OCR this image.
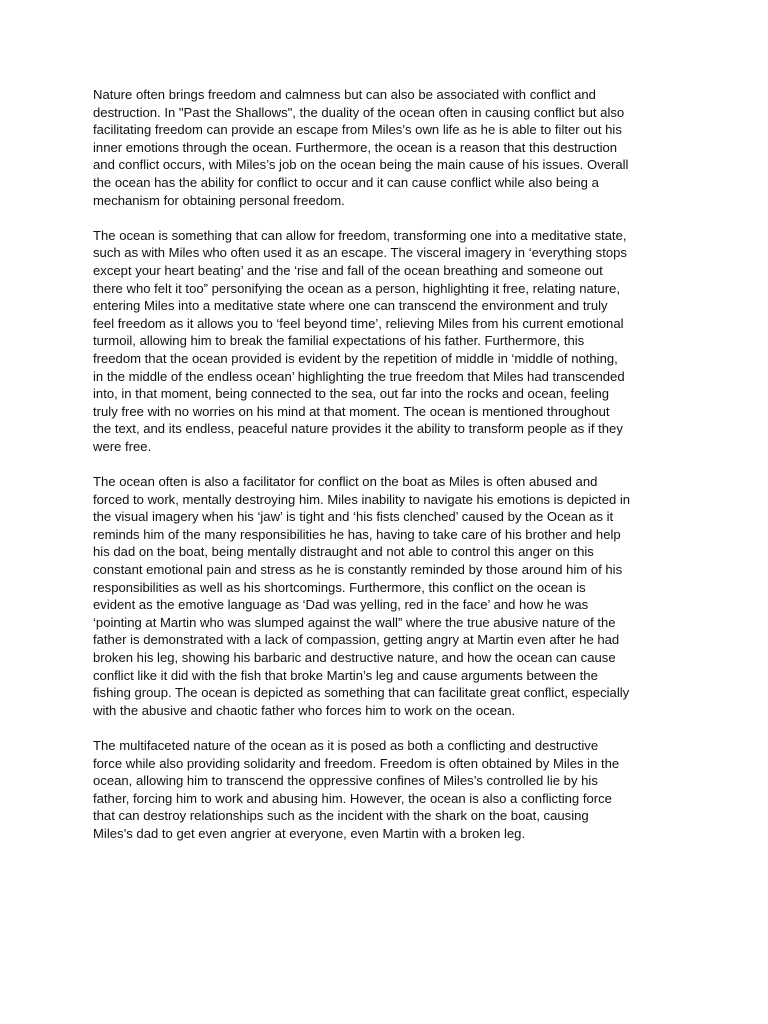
Nature often brings freedom and calmness but can also be associated with conflict and
destruction. In "Past the Shallows", the duality of the ocean often in causing conflict but also
facilitating freedom can provide an escape from Miles’s own life as he is able to filter out his
inner emotions through the ocean. Furthermore, the ocean is a reason that this destruction
and conflict occurs, with Miles’s job on the ocean being the main cause of his issues. Overall
the ocean has the ability for conflict to occur and it can cause conflict while also being a
mechanism for obtaining personal freedom.

The ocean is something that can allow for freedom, transforming one into a meditative state,
such as with Miles who often used it as an escape. The visceral imagery in ‘everything stops
except your heart beating’ and the ‘rise and fall of the ocean breathing and someone out
there who felt it too” personifying the ocean as a person, highlighting it free, relating nature,
entering Miles into a meditative state where one can transcend the environment and truly
feel freedom as it allows you to ‘feel beyond time’, relieving Miles from his current emotional
turmoil, allowing him to break the familial expectations of his father. Furthermore, this
freedom that the ocean provided is evident by the repetition of middle in ‘middle of nothing,
in the middle of the endless ocean’ highlighting the true freedom that Miles had transcended
into, in that moment, being connected to the sea, out far into the rocks and ocean, feeling
truly free with no worries on his mind at that moment. The ocean is mentioned throughout
the text, and its endless, peaceful nature provides it the ability to transform people as if they
were free.

The ocean often is also a facilitator for conflict on the boat as Miles is often abused and
forced to work, mentally destroying him. Miles inability to navigate his emotions is depicted in
the visual imagery when his ‘jaw’ is tight and ‘his fists clenched’ caused by the Ocean as it
reminds him of the many responsibilities he has, having to take care of his brother and help
his dad on the boat, being mentally distraught and not able to control this anger on this
constant emotional pain and stress as he is constantly reminded by those around him of his
responsibilities as well as his shortcomings. Furthermore, this conflict on the ocean is
evident as the emotive language as ‘Dad was yelling, red in the face’ and how he was
‘pointing at Martin who was slumped against the wall” where the true abusive nature of the
father is demonstrated with a lack of compassion, getting angry at Martin even after he had
broken his leg, showing his barbaric and destructive nature, and how the ocean can cause
conflict like it did with the fish that broke Martin’s leg and cause arguments between the
fishing group. The ocean is depicted as something that can facilitate great conflict, especially
with the abusive and chaotic father who forces him to work on the ocean.

The multifaceted nature of the ocean as it is posed as both a conflicting and destructive
force while also providing solidarity and freedom. Freedom is often obtained by Miles in the
ocean, allowing him to transcend the oppressive confines of Miles’s controlled lie by his
father, forcing him to work and abusing him. However, the ocean is also a conflicting force
that can destroy relationships such as the incident with the shark on the boat, causing
Miles’s dad to get even angrier at everyone, even Martin with a broken leg.
